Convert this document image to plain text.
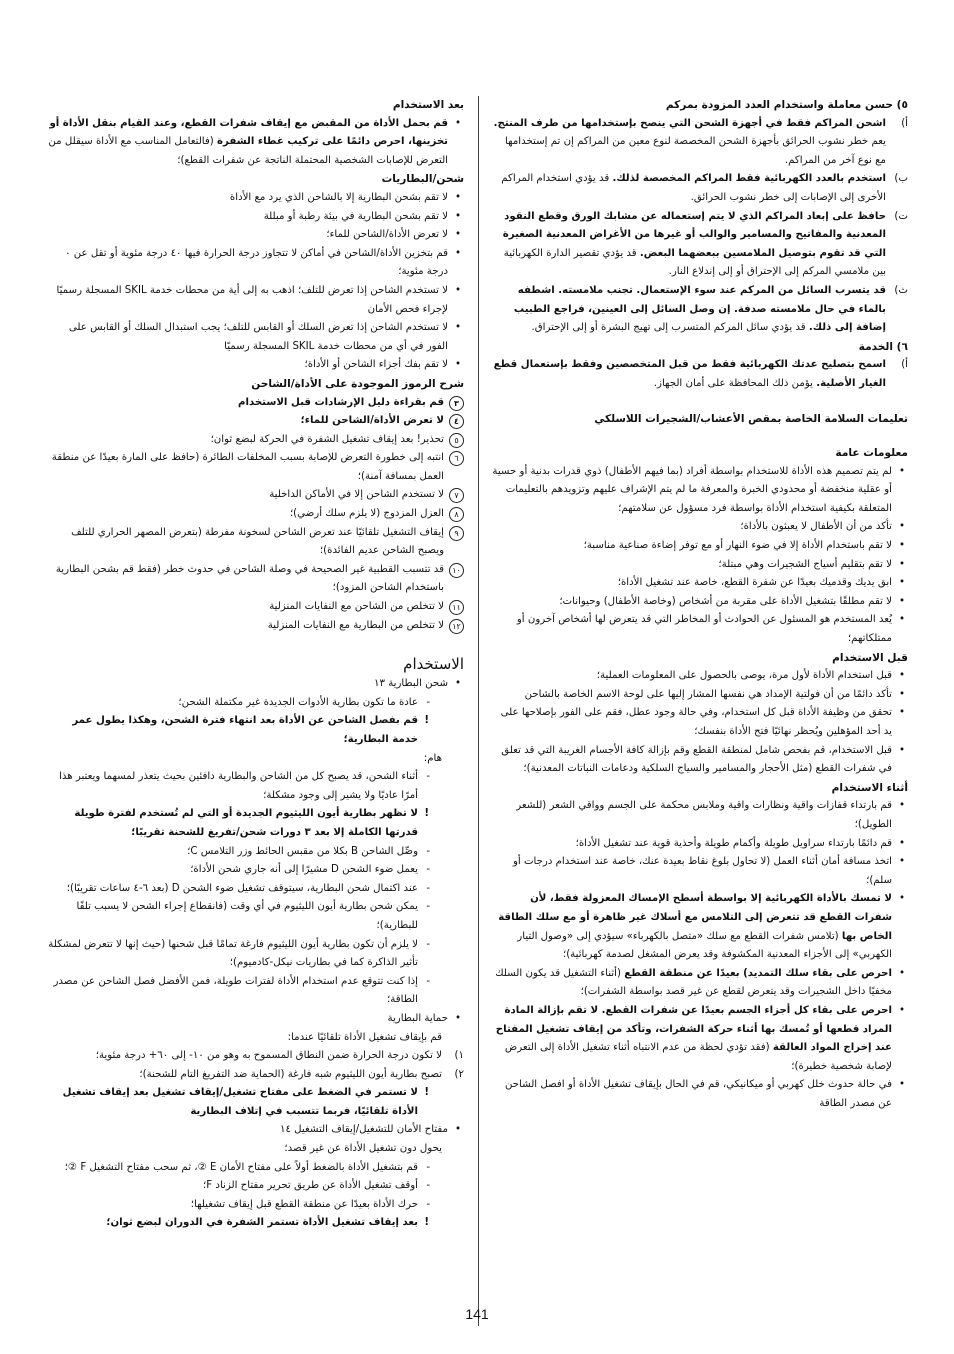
٥) حسن معاملة واستخدام العدد المزودة بمركم

أ)
اشحن المراكم فقط في أجهزة الشحن التي ينصح بإستخدامها من طرف المنتج. يعم خطر نشوب الحرائق بأجهزة الشحن المخصصة لنوع معين من المراكم إن تم إستخدامها مع نوع آخر من المراكم.
ب)
استخدم بالعدد الكهربائية فقط المراكم المخصصة لذلك. قد يؤدي استخدام المراكم الأخرى إلى الإصابات إلى خطر نشوب الحرائق.
ت)
حافظ على إبعاد المراكم الذي لا يتم إستعماله عن مشابك الورق وقطع النقود المعدنية والمفاتيح والمسامير والوالب أو غيرها من الأغراض المعدنية الصغيرة التي قد تقوم بتوصيل الملامسين ببعضهما البعض. قد يؤدي تقصير الدارة الكهربائية بين ملامسي المركم إلى الإحتراق أو إلى إندلاع النار.
ث)
قد يتسرب السائل من المركم عند سوء الإستعمال. تجنب ملامسته. اشطفه بالماء في حال ملامسته صدفة. إن وصل السائل إلى العينين، فراجع الطبيب إضافة إلى ذلك. قد يؤدي سائل المركم المتسرب إلى تهيج البشرة أو إلى الإحتراق.

٦) الخدمة

أ)
اسمح بتصليح عدتك الكهربائية فقط من قبل المتخصصين وفقط بإستعمال قطع الغيار الأصلية. يؤمن ذلك المحافظة على أمان الجهاز.

تعليمات السلامة الخاصة بمقص الأعشاب/الشجيرات اللاسلكي

معلومات عامة

• لم يتم تصميم هذه الأداة للاستخدام بواسطة أفراد (بما فيهم الأطفال) ذوي قدرات بدنية أو حسية أو عقلية منخفضة أو محدودي الخبرة والمعرفة ما لم يتم الإشراف عليهم وتزويدهم بالتعليمات المتعلقة بكيفية استخدام الأداة بواسطة فرد مسؤول عن سلامتهم؛
• تأكد من أن الأطفال لا يعبثون بالأداة؛
• لا تقم باستخدام الأداة إلا في ضوء النهار أو مع توفر إضاءة صناعية مناسبة؛
• لا تقم بتقليم أسياج الشجيرات وهي مبتلة؛
• ابق يديك وقدميك بعيدًا عن شفرة القطع، خاصة عند تشغيل الأداة؛
• لا تقم مطلقًا بتشغيل الأداة على مقربة من أشخاص (وخاصة الأطفال) وحيوانات؛
• يُعد المستخدم هو المسئول عن الحوادث أو المخاطر التي قد يتعرض لها أشخاص آخرون أو ممتلكاتهم؛

قبل الاستخدام

• قبل استخدام الأداة لأول مرة، يوصى بالحصول على المعلومات العملية؛
• تأكد دائمًا من أن فولتية الإمداد هي نفسها المشار إليها على لوحة الاسم الخاصة بالشاحن
• تحقق من وظيفة الأداة قبل كل استخدام، وفي حالة وجود عطل، فقم على الفور بإصلاحها على يد أحد المؤهلين ويُحظر نهائيًا فتح الأداة بنفسك؛
• قبل الاستخدام، قم بفحص شامل لمنطقة القطع وقم بإزالة كافة الأجسام الغريبة التي قد تعلق في شفرات القطع (مثل الأحجار والمسامير والسياج السلكية ودعامات النباتات المعدنية)؛

أثناء الاستخدام

• قم بارتداء قفازات واقية ونظارات واقية وملابس محكمة على الجسم وواقي الشعر (للشعر الطويل)؛
• قم دائمًا بارتداء سراويل طويلة وأكمام طويلة وأحذية قوية عند تشغيل الأداة؛
• اتخذ مسافة أمان أثناء العمل (لا تحاول بلوغ نقاط بعيدة عنك، خاصة عند استخدام درجات أو سلم)؛
• لا تمسك بالأداة الكهربائية إلا بواسطة أسطح الإمساك المعزولة فقط، لأن شفرات القطع قد تتعرض إلى التلامس مع أسلاك غير ظاهرة أو مع سلك الطاقة الخاص بها (تلامس شفرات القطع مع سلك «متصل بالكهرباء» سيؤدي إلى «وصول التيار الكهربي» إلى الأجزاء المعدنية المكشوفة وقد يعرض المشغل لصدمة كهربائية)؛
• احرص على بقاء سلك التمديد) بعيدًا عن منطقة القطع (أثناء التشغيل قد يكون السلك مخفيًا داخل الشجيرات وقد يتعرض لقطع عن غير قصد بواسطة الشفرات)؛
• احرص على بقاء كل أجزاء الجسم بعيدًا عن شفرات القطع. لا تقم بإزالة المادة المراد قطعها أو تُمسك بها أثناء حركة الشفرات، وتأكد من إيقاف تشغيل المفتاح عند إخراج المواد العالقة (فقد تؤدي لحظة من عدم الانتباه أثناء تشغيل الأداة إلى التعرض لإصابة شخصية خطيرة)؛
• في حالة حدوث خلل كهربي أو ميكانيكي، قم في الحال بإيقاف تشغيل الأداة أو افصل الشاحن عن مصدر الطاقة

بعد الاستخدام

• قم بحمل الأداة من المقبض مع إيقاف شفرات القطع، وعند القيام بنقل الأداة أو تخزينها، احرص دائمًا على تركيب غطاء الشفرة (فالتعامل المناسب مع الأداة سيقلل من التعرض للإصابات الشخصية المحتملة الناتجة عن شفرات القطع)؛

شحن/البطاريات

• لا تقم بشحن البطارية إلا بالشاحن الذي يرد مع الأداة
• لا تقم بشحن البطارية في بيئة رطبة أو مبللة
• لا تعرض الأداة/الشاحن للماء؛
• قم بتخزين الأداة/الشاحن في أماكن لا تتجاوز درجة الحرارة فيها ٤٠ درجة مئوية أو تقل عن ٠ درجة مئوية؛
• لا تستخدم الشاحن إذا تعرض للتلف؛ اذهب به إلى أية من محطات خدمة SKIL المسجلة رسميًا لإجراء فحص الأمان
• لا تستخدم الشاحن إذا تعرض السلك أو القابس للتلف؛ يجب استبدال السلك أو القابس على الفور في أي من محطات خدمة SKIL المسجلة رسميًا
• لا تقم بفك أجزاء الشاحن أو الأداة؛

شرح الرموز الموجودة على الأداة/الشاحن

٣
قم بقراءة دليل الإرشادات قبل الاستخدام
٤
لا تعرض الأداة/الشاحن للماء؛
٥
تحذير! بعد إيقاف تشغيل الشفرة في الحركة لبضع ثوان؛
٦
انتبه إلى خطورة التعرض للإصابة بسبب المخلفات الطائرة (حافظ على المارة بعيدًا عن منطقة العمل بمسافة آمنة)؛
٧
لا تستخدم الشاحن إلا في الأماكن الداخلية
٨
العزل المزدوج (لا يلزم سلك أرضي)؛
٩
إيقاف التشغيل تلقائيًا عند تعرض الشاحن لسخونة مفرطة (بتعرض المصهر الحراري للتلف ويصبح الشاحن عديم الفائدة)؛
١٠
قد تتسبب القطبية غير الصحيحة في وصلة الشاحن في حدوث خطر (فقط قم بشحن البطارية باستخدام الشاحن المزود)؛
١١
لا تتخلص من الشاحن مع النفايات المنزلية
١٢
لا تتخلص من البطارية مع النفايات المنزلية

الاستخدام

• شحن البطارية ١٣
- عادة ما تكون بطارية الأدوات الجديدة غير مكتملة الشحن؛
! قم بفصل الشاحن عن الأداة بعد انتهاء فترة الشحن، وهكذا يطول عمر خدمة البطارية؛

هام:

- أثناء الشحن، قد يصبح كل من الشاحن والبطارية دافئين بحيث يتعذر لمسهما ويعتبر هذا أمرًا عاديًا ولا يشير إلى وجود مشكلة؛
! لا تظهر بطارية أيون الليثيوم الجديدة أو التي لم تُستخدم لفترة طويلة قدرتها الكاملة إلا بعد ٣ دورات شحن/تفريغ للشحنة تقريبًا؛
- وصِّل الشاحن B بكلا من مقبس الحائط وزر التلامس C؛
- يعمل ضوء الشحن D مشيرًا إلى أنه جاري شحن الأداة؛
- عند اكتمال شحن البطارية، سيتوقف تشغيل ضوء الشحن D (بعد ٦-٤ ساعات تقريبًا)؛
- يمكن شحن بطارية أيون الليثيوم في أي وقت (فانقطاع إجراء الشحن لا يسبب تلفًا للبطارية)؛
- لا يلزم أن تكون بطارية أيون الليثيوم فارغة تمامًا قبل شحنها (حيث إنها لا تتعرض لمشكلة تأثير الذاكرة كما في بطاريات نيكل-كادميوم)؛
- إذا كنت تتوقع عدم استخدام الأداة لفترات طويلة، فمن الأفضل فصل الشاحن عن مصدر الطاقة؛
• حماية البطارية

قم بإيقاف تشغيل الأداة تلقائيًا عندما:

١)
لا تكون درجة الحرارة ضمن النطاق المسموح به وهو من ١٠- إلى ٦٠+ درجة مئوية؛
٢)
تصبح بطارية أيون الليثيوم شبه فارغة (الحماية ضد التفريغ التام للشحنة)؛
! لا تستمر في الضغط على مفتاح تشغيل/إيقاف تشغيل بعد إيقاف تشغيل الأداة تلقائيًا، فربما تتسبب في إتلاف البطارية
• مفتاح الأمان للتشغيل/إيقاف التشغيل ١٤

يحول دون تشغيل الأداة عن غير قصد؛

- قم بتشغيل الأداة بالضغط أولاً على مفتاح الأمان E ②، ثم سحب مفتاح التشغيل F ②؛
- أوقف تشغيل الأداة عن طريق تحرير مفتاح الزناد F؛
- حرك الأداة بعيدًا عن منطقة القطع قبل إيقاف تشغيلها؛
! بعد إيقاف تشغيل الأداة تستمر الشفرة في الدوران لبضع ثوان؛
141
